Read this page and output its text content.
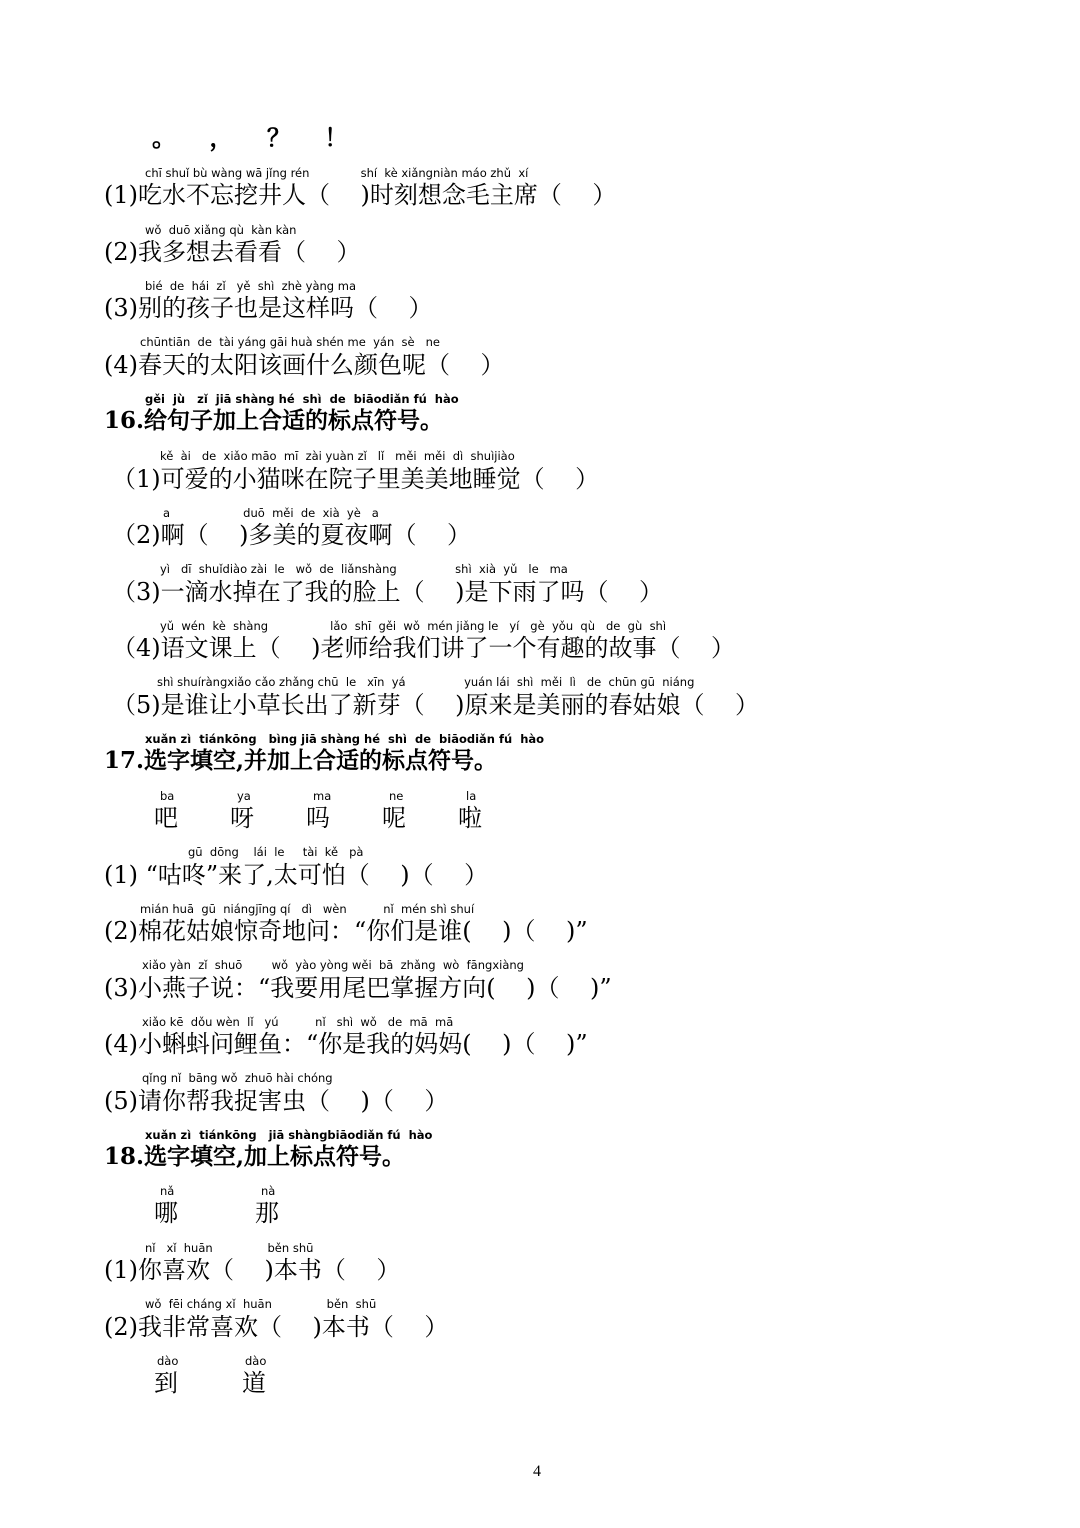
。    ，    ？    ！
chī shuǐ bù wàng wā jǐng rén              shí  kè xiǎngniàn máo zhǔ  xí
(1)吃水不忘挖井人（    )时刻想念毛主席（    ）
wǒ  duō xiǎng qù  kàn kàn
(2)我多想去看看（    ）
bié  de  hái  zǐ   yě  shì  zhè yàng ma
(3)别的孩子也是这样吗（    ）
chūntiān  de  tài yáng gāi huà shén me  yán  sè   ne
(4)春天的太阳该画什么颜色呢（    ）
gěi  jù   zǐ  jiā shàng hé  shì  de  biāodiǎn fú  hào
16.给句子加上合适的标点符号。
kě  ài   de  xiǎo māo  mī  zài yuàn zǐ   lǐ   měi  měi  dì  shuìjiào
（1)可爱的小猫咪在院子里美美地睡觉（    ）
a                    duō  měi  de  xià  yè   a
（2)啊（    )多美的夏夜啊（    ）
yì   dī  shuǐdiào zài  le   wǒ  de  liǎnshàng                shì  xià  yǔ   le   ma
（3)一滴水掉在了我的脸上（    )是下雨了吗（    ）
yǔ  wén  kè  shàng                 lǎo  shī  gěi  wǒ  mén jiǎng le   yí   gè  yǒu  qù   de  gù  shì
（4)语文课上（    )老师给我们讲了一个有趣的故事（    ）
shì shuíràngxiǎo cǎo zhǎng chū  le   xīn  yá                yuán lái  shì  měi  lì   de  chūn gū  niáng
（5)是谁让小草长出了新芽（    )原来是美丽的春姑娘（    ）
xuǎn zì  tiánkōng   bìng jiā shàng hé  shì  de  biāodiǎn fú  hào
17.选字填空,并加上合适的标点符号。
ba
吧
ya
呀
ma
吗
ne
呢
la
啦
gū  dōng    lái  le     tài  kě   pà
(1) “咕咚”来了,太可怕（    )（    ）
mián huā  gū  niángjīng qí   dì   wèn          nǐ  mén shì shuí
(2)棉花姑娘惊奇地问：“你们是谁(    )（    )”
xiǎo yàn  zǐ  shuō        wǒ  yào yòng wěi  bā  zhǎng  wò  fāngxiàng
(3)小燕子说：“我要用尾巴掌握方向(    )（    )”
xiǎo kē  dǒu wèn  lǐ   yú          nǐ   shì  wǒ   de  mā  mā
(4)小蝌蚪问鲤鱼：“你是我的妈妈(    )（    )”
qǐng nǐ  bāng wǒ  zhuō hài chóng
(5)请你帮我捉害虫（    )（    ）
xuǎn zì  tiánkōng   jiā shàngbiāodiǎn fú  hào
18.选字填空,加上标点符号。
nǎ
哪
nà
那
nǐ   xǐ  huān               běn shū
(1)你喜欢（    )本书（    ）
wǒ  fēi cháng xǐ  huān               běn  shū
(2)我非常喜欢（    )本书（    ）
dào
到
dào
道
4
